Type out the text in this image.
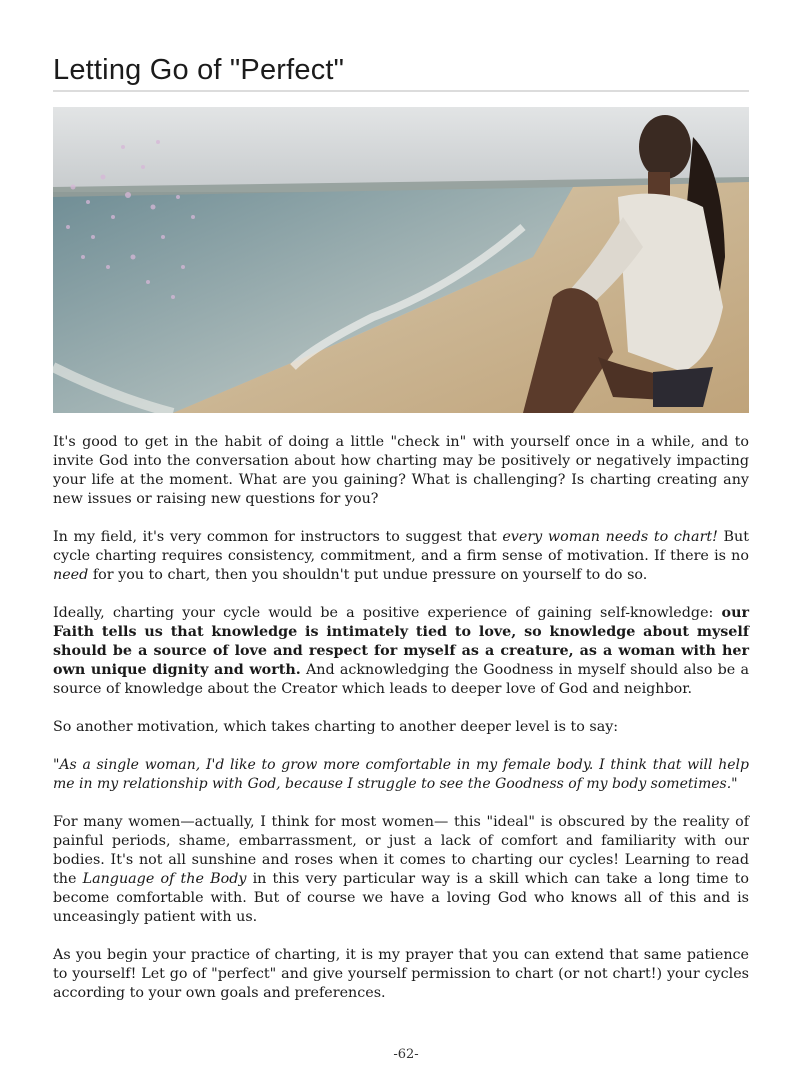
Letting Go of "Perfect"

It's good to get in the habit of doing a little "check in" with yourself once in a while, and to invite God into the conversation about how charting may be positively or negatively impacting your life at the moment. What are you gaining? What is challenging? Is charting creating any new issues or raising new questions for you?

In my field, it's very common for instructors to suggest that every woman needs to chart! But cycle charting requires consistency, commitment, and a firm sense of motivation. If there is no need for you to chart, then you shouldn't put undue pressure on yourself to do so.

Ideally, charting your cycle would be a positive experience of gaining self-knowledge: our Faith tells us that knowledge is intimately tied to love, so knowledge about myself should be a source of love and respect for myself as a creature, as a woman with her own unique dignity and worth. And acknowledging the Goodness in myself should also be a source of knowledge about the Creator which leads to deeper love of God and neighbor.

So another motivation, which takes charting to another deeper level is to say:

"As a single woman, I'd like to grow more comfortable in my female body. I think that will help me in my relationship with God, because I struggle to see the Goodness of my body sometimes."

For many women—actually, I think for most women— this "ideal" is obscured by the reality of painful periods, shame, embarrassment, or just a lack of comfort and familiarity with our bodies. It's not all sunshine and roses when it comes to charting our cycles! Learning to read the Language of the Body in this very particular way is a skill which can take a long time to become comfortable with. But of course we have a loving God who knows all of this and is unceasingly patient with us.

As you begin your practice of charting, it is my prayer that you can extend that same patience to yourself! Let go of "perfect" and give yourself permission to chart (or not chart!) your cycles according to your own goals and preferences.

-62-
